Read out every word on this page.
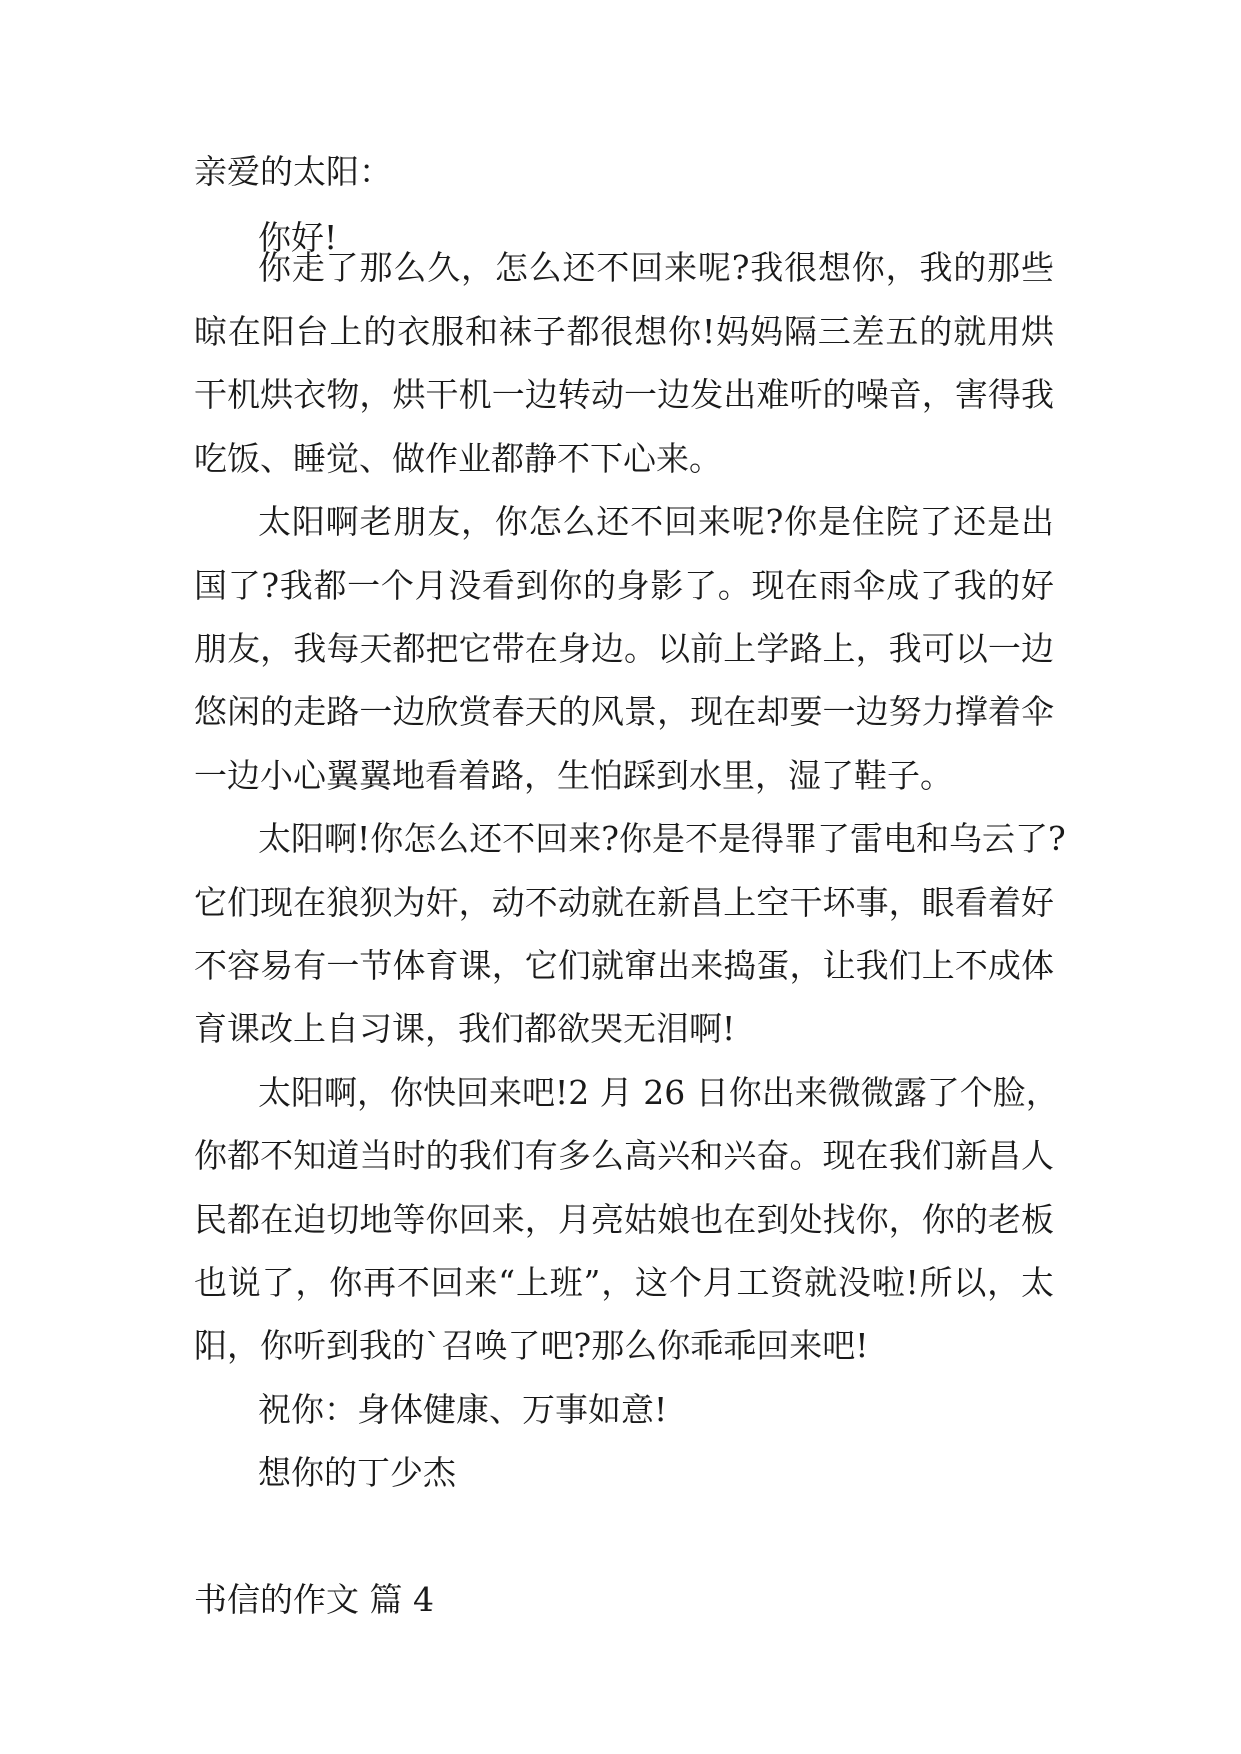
亲爱的太阳：
你好!
你走了那么久，怎么还不回来呢?我很想你，我的那些
晾在阳台上的衣服和袜子都很想你!妈妈隔三差五的就用烘
干机烘衣物，烘干机一边转动一边发出难听的噪音，害得我
吃饭、睡觉、做作业都静不下心来。
太阳啊老朋友，你怎么还不回来呢?你是住院了还是出
国了?我都一个月没看到你的身影了。现在雨伞成了我的好
朋友，我每天都把它带在身边。以前上学路上，我可以一边
悠闲的走路一边欣赏春天的风景，现在却要一边努力撑着伞
一边小心翼翼地看着路，生怕踩到水里，湿了鞋子。
太阳啊!你怎么还不回来?你是不是得罪了雷电和乌云了?
它们现在狼狈为奸，动不动就在新昌上空干坏事，眼看着好
不容易有一节体育课，它们就窜出来捣蛋，让我们上不成体
育课改上自习课，我们都欲哭无泪啊!
太阳啊，你快回来吧!2 月 26 日你出来微微露了个脸，
你都不知道当时的我们有多么高兴和兴奋。现在我们新昌人
民都在迫切地等你回来，月亮姑娘也在到处找你，你的老板
也说了，你再不回来“上班”，这个月工资就没啦!所以，太
阳，你听到我的`召唤了吧?那么你乖乖回来吧!
祝你：身体健康、万事如意!
想你的丁少杰
书信的作文 篇 4
